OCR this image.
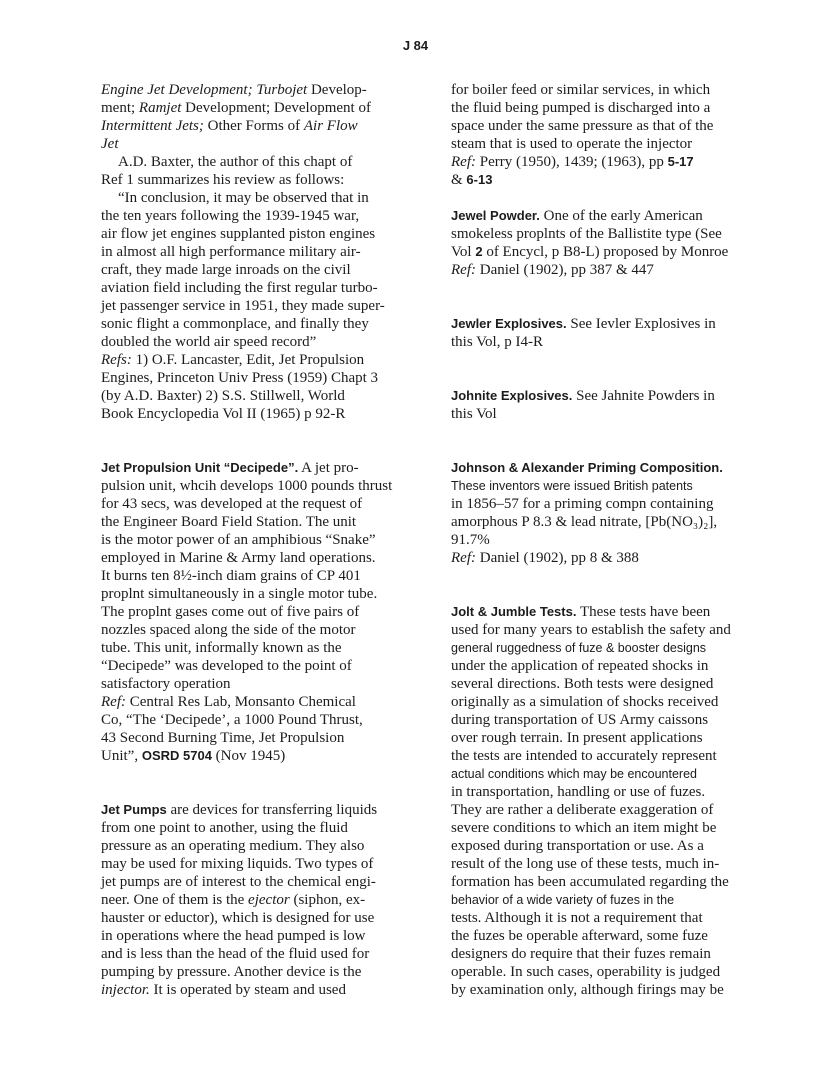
J 84
Engine Jet Development; Turbojet Develop-
ment; Ramjet Development; Development of
Intermittent Jets; Other Forms of Air Flow
Jet
A.D. Baxter, the author of this chapt of
Ref 1 summarizes his review as follows:
“In conclusion, it may be observed that in
the ten years following the 1939-1945 war,
air flow jet engines supplanted piston engines
in almost all high performance military air-
craft, they made large inroads on the civil
aviation field including the first regular turbo-
jet passenger service in 1951, they made super-
sonic flight a commonplace, and finally they
doubled the world air speed record”
Refs: 1) O.F. Lancaster, Edit, Jet Propulsion
Engines, Princeton Univ Press (1959) Chapt 3
(by A.D. Baxter) 2) S.S. Stillwell, World
Book Encyclopedia Vol II (1965) p 92-R
Jet Propulsion Unit “Decipede”. A jet pro-
pulsion unit, whcih develops 1000 pounds thrust
for 43 secs, was developed at the request of
the Engineer Board Field Station. The unit
is the motor power of an amphibious “Snake”
employed in Marine & Army land operations.
It burns ten 8½-inch diam grains of CP 401
proplnt simultaneously in a single motor tube.
The proplnt gases come out of five pairs of
nozzles spaced along the side of the motor
tube. This unit, informally known as the
“Decipede” was developed to the point of
satisfactory operation
Ref: Central Res Lab, Monsanto Chemical
Co, “The ‘Decipede’, a 1000 Pound Thrust,
43 Second Burning Time, Jet Propulsion
Unit”, OSRD 5704 (Nov 1945)
Jet Pumps are devices for transferring liquids
from one point to another, using the fluid
pressure as an operating medium. They also
may be used for mixing liquids. Two types of
jet pumps are of interest to the chemical engi-
neer. One of them is the ejector (siphon, ex-
hauster or eductor), which is designed for use
in operations where the head pumped is low
and is less than the head of the fluid used for
pumping by pressure. Another device is the
injector. It is operated by steam and used
for boiler feed or similar services, in which
the fluid being pumped is discharged into a
space under the same pressure as that of the
steam that is used to operate the injector
Ref: Perry (1950), 1439; (1963), pp 5-17
& 6-13
Jewel Powder. One of the early American
smokeless proplnts of the Ballistite type (See
Vol 2 of Encycl, p B8-L) proposed by Monroe
Ref: Daniel (1902), pp 387 & 447
Jewler Explosives. See Ievler Explosives in
this Vol, p I4-R
Johnite Explosives. See Jahnite Powders in
this Vol
Johnson & Alexander Priming Composition.
These inventors were issued British patents
in 1856–57 for a priming compn containing
amorphous P 8.3 & lead nitrate, [Pb(NO₃)₂],
91.7%
Ref: Daniel (1902), pp 8 & 388
Jolt & Jumble Tests. These tests have been
used for many years to establish the safety and
general ruggedness of fuze & booster designs
under the application of repeated shocks in
several directions. Both tests were designed
originally as a simulation of shocks received
during transportation of US Army caissons
over rough terrain. In present applications
the tests are intended to accurately represent
actual conditions which may be encountered
in transportation, handling or use of fuzes.
They are rather a deliberate exaggeration of
severe conditions to which an item might be
exposed during transportation or use. As a
result of the long use of these tests, much in-
formation has been accumulated regarding the
behavior of a wide variety of fuzes in the
tests. Although it is not a requirement that
the fuzes be operable afterward, some fuze
designers do require that their fuzes remain
operable. In such cases, operability is judged
by examination only, although firings may be
